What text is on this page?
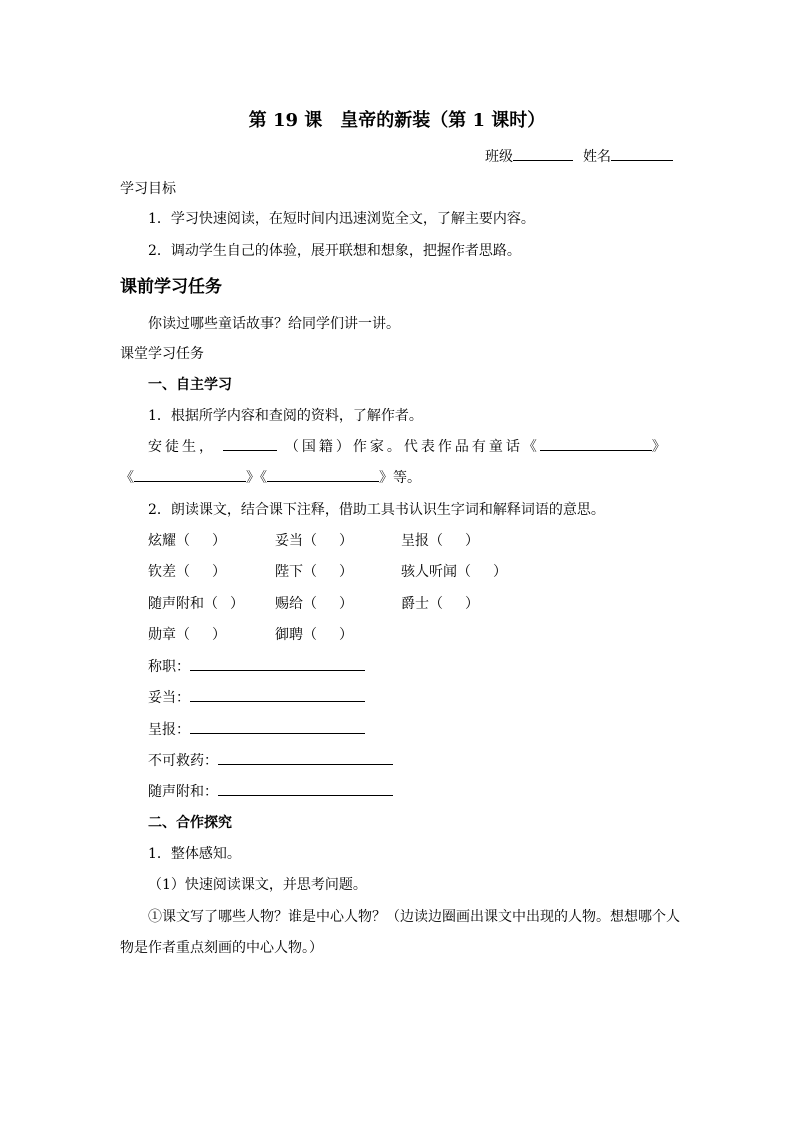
第 19 课　皇帝的新装（第 1 课时）
班级	姓名
学习目标
1．学习快速阅读，在短时间内迅速浏览全文，了解主要内容。
2．调动学生自己的体验，展开联想和想象，把握作者思路。
课前学习任务
你读过哪些童话故事？给同学们讲一讲。
课堂学习任务
一、自主学习
1．根据所学内容和查阅的资料，了解作者。
安徒生，	（国籍）作家。代表作品有童话《	》
《	》《	》等。
2．朗读课文，结合课下注释，借助工具书认识生字词和解释词语的意思。
炫耀（ ）	妥当（ ）	呈报（ ）
钦差（ ）	陛下（ ）	骇人听闻（ ）
随声附和（ ） 赐给（ ）	爵士（ ）
勋章（ ）	御聘（ ）
称职：
妥当：
呈报：
不可救药：
随声附和：
二、合作探究
1．整体感知。
（1）快速阅读课文，并思考问题。
①课文写了哪些人物？谁是中心人物？（边读边圈画出课文中出现的人物。想想哪个人
物是作者重点刻画的中心人物。）
